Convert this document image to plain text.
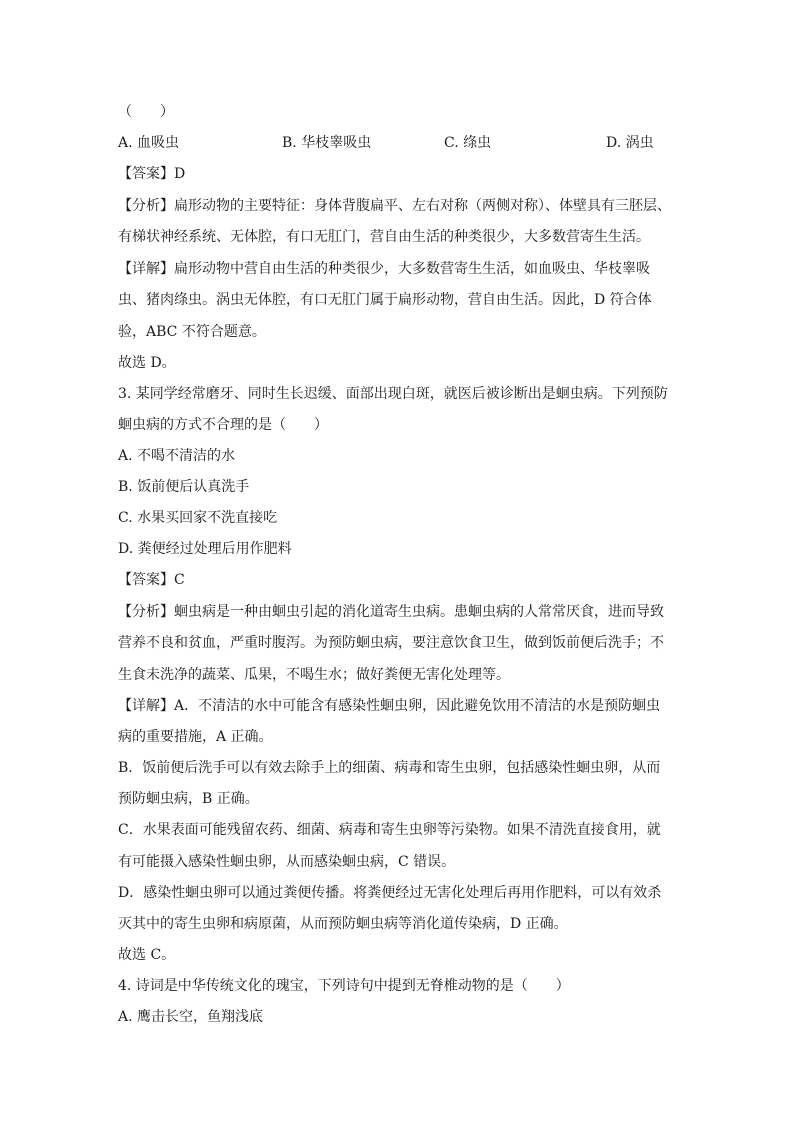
（　　）
A. 血吸虫	B. 华枝睾吸虫	C. 绦虫	D. 涡虫
【答案】D
【分析】扁形动物的主要特征：身体背腹扁平、左右对称（两侧对称）、体壁具有三胚层、
有梯状神经系统、无体腔，有口无肛门，营自由生活的种类很少，大多数营寄生生活。
【详解】扁形动物中营自由生活的种类很少，大多数营寄生生活，如血吸虫、华枝睾吸
虫、猪肉绦虫。涡虫无体腔，有口无肛门属于扁形动物，营自由生活。因此，D 符合体
验，ABC 不符合题意。
故选 D。
3. 某同学经常磨牙、同时生长迟缓、面部出现白斑，就医后被诊断出是蛔虫病。下列预防
蛔虫病的方式不合理的是（　　）
A. 不喝不清洁的水
B. 饭前便后认真洗手
C. 水果买回家不洗直接吃
D. 粪便经过处理后用作肥料
【答案】C
【分析】蛔虫病是一种由蛔虫引起的消化道寄生虫病。患蛔虫病的人常常厌食，进而导致
营养不良和贫血，严重时腹泻。为预防蛔虫病，要注意饮食卫生，做到饭前便后洗手；不
生食未洗净的蔬菜、瓜果，不喝生水；做好粪便无害化处理等。
【详解】A．不清洁的水中可能含有感染性蛔虫卵，因此避免饮用不清洁的水是预防蛔虫
病的重要措施，A 正确。
B．饭前便后洗手可以有效去除手上的细菌、病毒和寄生虫卵，包括感染性蛔虫卵，从而
预防蛔虫病，B 正确。
C．水果表面可能残留农药、细菌、病毒和寄生虫卵等污染物。如果不清洗直接食用，就
有可能摄入感染性蛔虫卵，从而感染蛔虫病，C 错误。
D．感染性蛔虫卵可以通过粪便传播。将粪便经过无害化处理后再用作肥料，可以有效杀
灭其中的寄生虫卵和病原菌，从而预防蛔虫病等消化道传染病，D 正确。
故选 C。
4. 诗词是中华传统文化的瑰宝，下列诗句中提到无脊椎动物的是（　　）
A. 鹰击长空，鱼翔浅底
